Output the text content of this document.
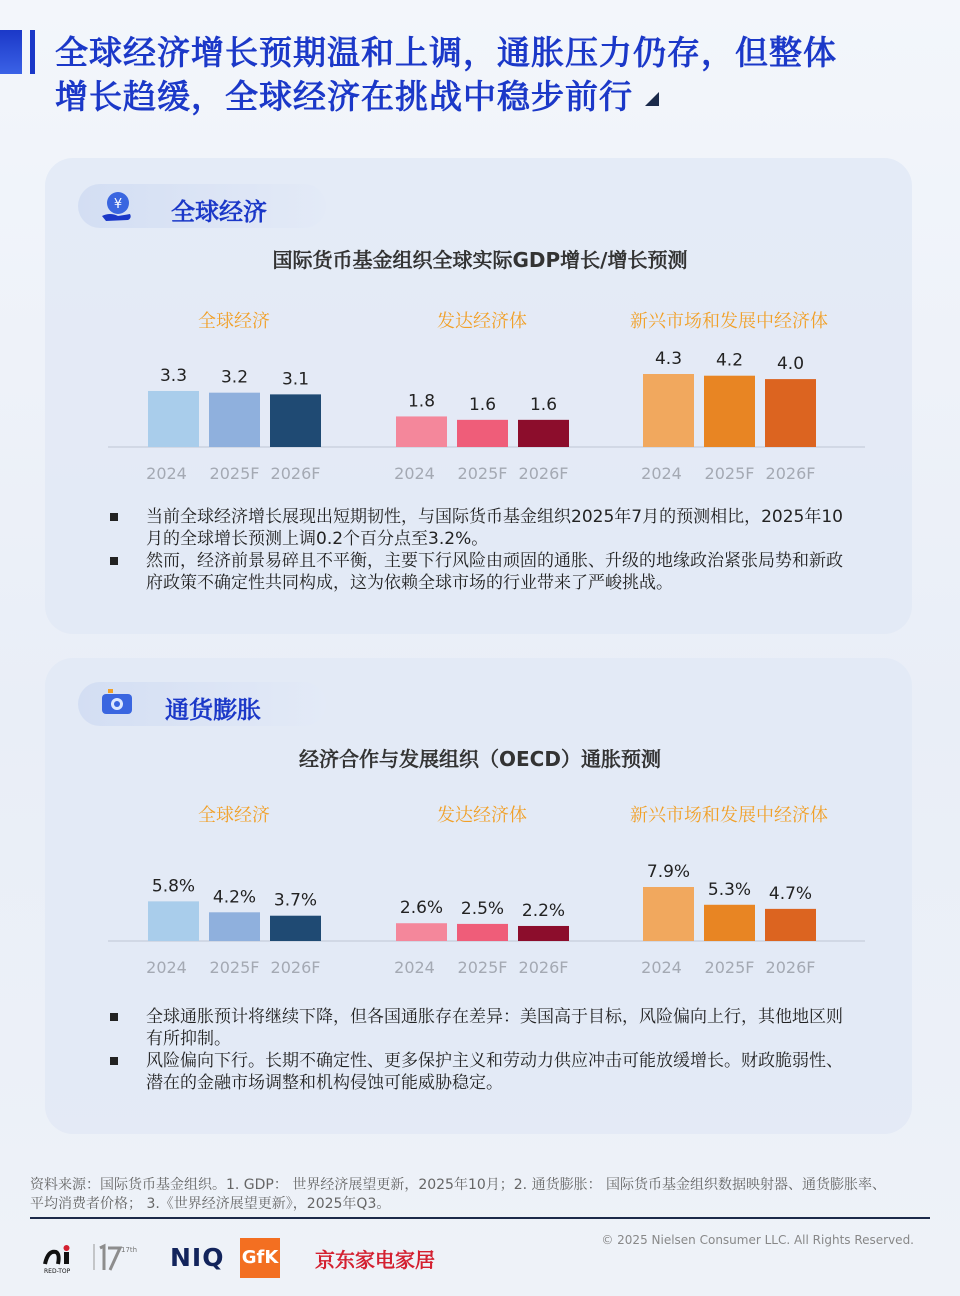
全球经济增长预期温和上调，通胀压力仍存，但整体
增长趋缓，全球经济在挑战中稳步前行
¥ 全球经济
国际货币基金组织全球实际GDP增长/增长预测
全球经济	发达经济体	新兴市场和发展中经济体
3.3
2024
3.2
2025F
3.1
2026F
1.8
2024
1.6
2025F
1.6
2026F
4.3
2024
4.2
2025F
4.0
2026F
当前全球经济增长展现出短期韧性，与国际货币基金组织2025年7月的预测相比，2025年10月的全球增长预测上调0.2个百分点至3.2%。
然而，经济前景易碎且不平衡，主要下行风险由顽固的通胀、升级的地缘政治紧张局势和新政府政策不确定性共同构成，这为依赖全球市场的行业带来了严峻挑战。
通货膨胀
经济合作与发展组织（OECD）通胀预测
全球经济	发达经济体	新兴市场和发展中经济体
5.8%
2024
4.2%
2025F
3.7%
2026F
2.6%
2024
2.5%
2025F
2.2%
2026F
7.9%
2024
5.3%
2025F
4.7%
2026F
全球通胀预计将继续下降，但各国通胀存在差异：美国高于目标，风险偏向上行，其他地区则有所抑制。
风险偏向下行。长期不确定性、更多保护主义和劳动力供应冲击可能放缓增长。财政脆弱性、潜在的金融市场调整和机构侵蚀可能威胁稳定。
资料来源：国际货币基金组织。1. GDP： 世界经济展望更新，2025年10月；2. 通货膨胀： 国际货币基金组织数据映射器、通货膨胀率、平均消费者价格； 3.《世界经济展望更新》，2025年Q3。
© 2025 Nielsen Consumer LLC. All Rights Reserved.
RED-TOP
17th NIQ GfK 京东家电家居
